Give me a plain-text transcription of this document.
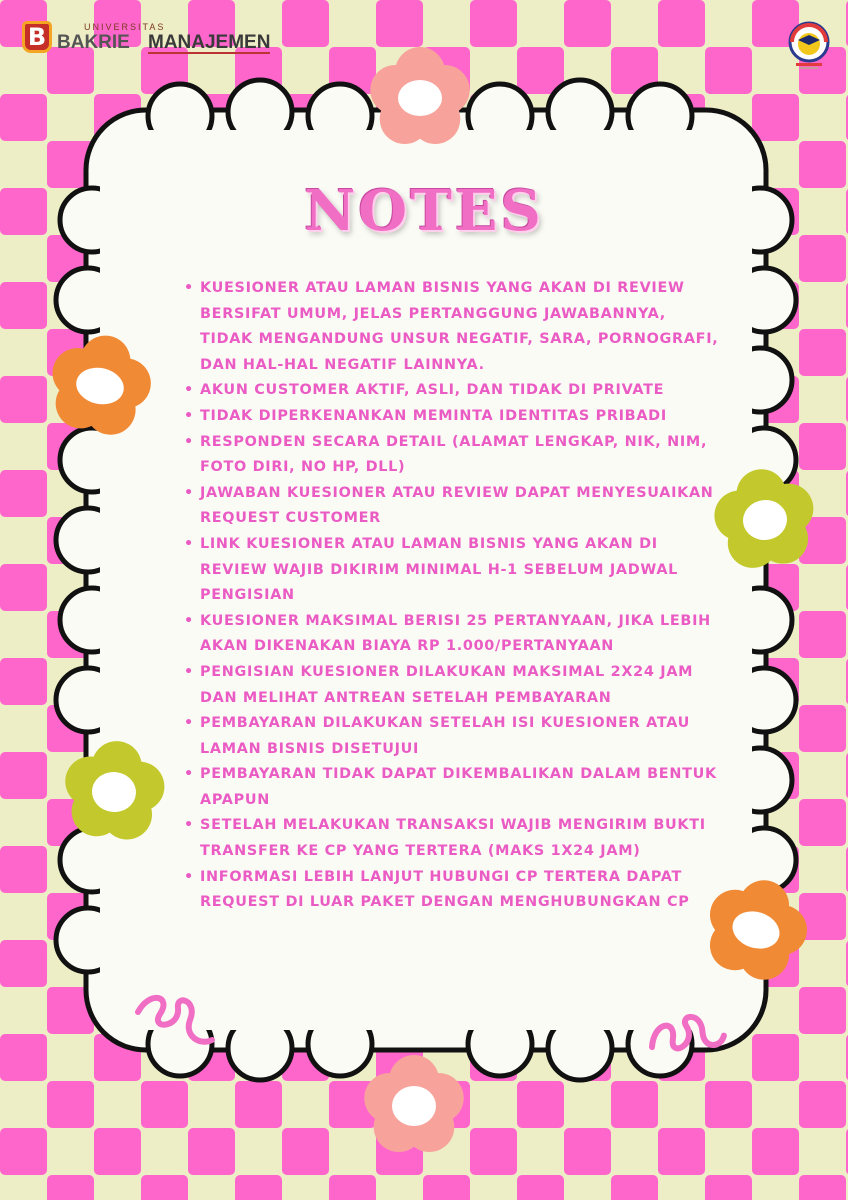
B	UNIVERSITAS
BAKRIE MANAJEMEN
NOTES
• KUESIONER ATAU LAMAN BISNIS YANG AKAN DI REVIEW BERSIFAT UMUM, JELAS PERTANGGUNG JAWABANNYA, TIDAK MENGANDUNG UNSUR NEGATIF, SARA, PORNOGRAFI, DAN HAL-HAL NEGATIF LAINNYA.
• AKUN CUSTOMER AKTIF, ASLI, DAN TIDAK DI PRIVATE
• TIDAK DIPERKENANKAN MEMINTA IDENTITAS PRIBADI
• RESPONDEN SECARA DETAIL (ALAMAT LENGKAP, NIK, NIM, FOTO DIRI, NO HP, DLL)
• JAWABAN KUESIONER ATAU REVIEW DAPAT MENYESUAIKAN REQUEST CUSTOMER
• LINK KUESIONER ATAU LAMAN BISNIS YANG AKAN DI REVIEW WAJIB DIKIRIM MINIMAL H-1 SEBELUM JADWAL PENGISIAN
• KUESIONER MAKSIMAL BERISI 25 PERTANYAAN, JIKA LEBIH AKAN DIKENAKAN BIAYA RP 1.000/PERTANYAAN
• PENGISIAN KUESIONER DILAKUKAN MAKSIMAL 2X24 JAM DAN MELIHAT ANTREAN SETELAH PEMBAYARAN
• PEMBAYARAN DILAKUKAN SETELAH ISI KUESIONER ATAU LAMAN BISNIS DISETUJUI
• PEMBAYARAN TIDAK DAPAT DIKEMBALIKAN DALAM BENTUK APAPUN
• SETELAH MELAKUKAN TRANSAKSI WAJIB MENGIRIM BUKTI TRANSFER KE CP YANG TERTERA (MAKS 1X24 JAM)
• INFORMASI LEBIH LANJUT HUBUNGI CP TERTERA DAPAT REQUEST DI LUAR PAKET DENGAN MENGHUBUNGKAN CP
